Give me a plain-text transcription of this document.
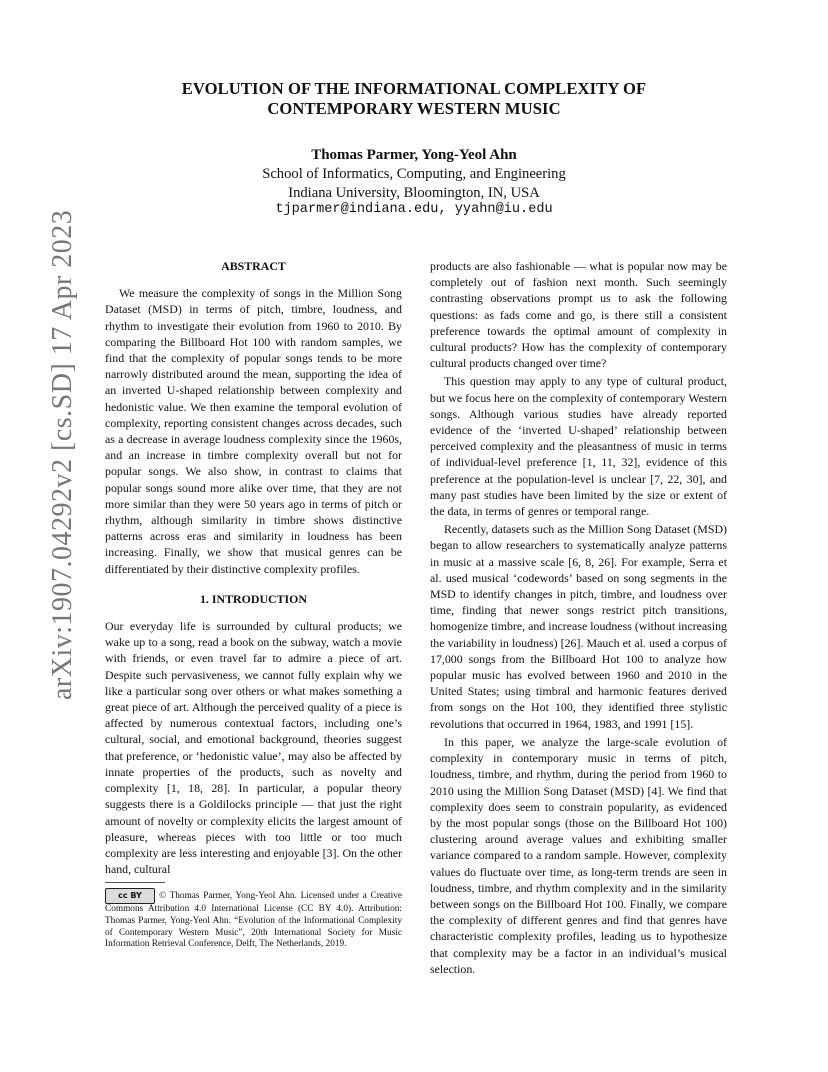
EVOLUTION OF THE INFORMATIONAL COMPLEXITY OF
CONTEMPORARY WESTERN MUSIC
Thomas Parmer, Yong-Yeol Ahn
School of Informatics, Computing, and Engineering
Indiana University, Bloomington, IN, USA
tjparmer@indiana.edu, yyahn@iu.edu
arXiv:1907.04292v2 [cs.SD] 17 Apr 2023	ABSTRACT

We measure the complexity of songs in the Million Song Dataset (MSD) in terms of pitch, timbre, loudness, and rhythm to investigate their evolution from 1960 to 2010. By comparing the Billboard Hot 100 with random samples, we find that the complexity of popular songs tends to be more narrowly distributed around the mean, supporting the idea of an inverted U-shaped relationship between complexity and hedonistic value. We then examine the temporal evolution of complexity, reporting consistent changes across decades, such as a decrease in average loudness complexity since the 1960s, and an increase in timbre complexity overall but not for popular songs. We also show, in contrast to claims that popular songs sound more alike over time, that they are not more similar than they were 50 years ago in terms of pitch or rhythm, although similarity in timbre shows distinctive patterns across eras and similarity in loudness has been increasing. Finally, we show that musical genres can be differentiated by their distinctive complexity profiles.

1. INTRODUCTION

Our everyday life is surrounded by cultural products; we wake up to a song, read a book on the subway, watch a movie with friends, or even travel far to admire a piece of art. Despite such pervasiveness, we cannot fully explain why we like a particular song over others or what makes something a great piece of art. Although the perceived quality of a piece is affected by numerous contextual factors, including one’s cultural, social, and emotional background, theories suggest that preference, or ‘hedonistic value’, may also be affected by innate properties of the products, such as novelty and complexity [1, 18, 28]. In particular, a popular theory suggests there is a Goldilocks principle — that just the right amount of novelty or complexity elicits the largest amount of pleasure, whereas pieces with too little or too much complexity are less interesting and enjoyable [3]. On the other hand, cultural

products are also fashionable — what is popular now may be completely out of fashion next month. Such seemingly contrasting observations prompt us to ask the following questions: as fads come and go, is there still a consistent preference towards the optimal amount of complexity in cultural products? How has the complexity of contemporary cultural products changed over time?

This question may apply to any type of cultural product, but we focus here on the complexity of contemporary Western songs. Although various studies have already reported evidence of the ‘inverted U-shaped’ relationship between perceived complexity and the pleasantness of music in terms of individual-level preference [1, 11, 32], evidence of this preference at the population-level is unclear [7, 22, 30], and many past studies have been limited by the size or extent of the data, in terms of genres or temporal range.

Recently, datasets such as the Million Song Dataset (MSD) began to allow researchers to systematically analyze patterns in music at a massive scale [6, 8, 26]. For example, Serra et al. used musical ‘codewords’ based on song segments in the MSD to identify changes in pitch, timbre, and loudness over time, finding that newer songs restrict pitch transitions, homogenize timbre, and increase loudness (without increasing the variability in loudness) [26]. Mauch et al. used a corpus of 17,000 songs from the Billboard Hot 100 to analyze how popular music has evolved between 1960 and 2010 in the United States; using timbral and harmonic features derived from songs on the Hot 100, they identified three stylistic revolutions that occurred in 1964, 1983, and 1991 [15].

In this paper, we analyze the large-scale evolution of complexity in contemporary music in terms of pitch, loudness, timbre, and rhythm, during the period from 1960 to 2010 using the Million Song Dataset (MSD) [4]. We find that complexity does seem to constrain popularity, as evidenced by the most popular songs (those on the Billboard Hot 100) clustering around average values and exhibiting smaller variance compared to a random sample. However, complexity values do fluctuate over time, as long-term trends are seen in loudness, timbre, and rhythm complexity and in the similarity between songs on the Billboard Hot 100. Finally, we compare the complexity of different genres and find that genres have characteristic complexity profiles, leading us to hypothesize that complexity may be a factor in an individual’s musical selection.

cc BY © Thomas Parmer, Yong-Yeol Ahn. Licensed under a Creative Commons Attribution 4.0 International License (CC BY 4.0). Attribution: Thomas Parmer, Yong-Yeol Ahn. “Evolution of the Informational Complexity of Contemporary Western Music”, 20th International Society for Music Information Retrieval Conference, Delft, The Netherlands, 2019.
